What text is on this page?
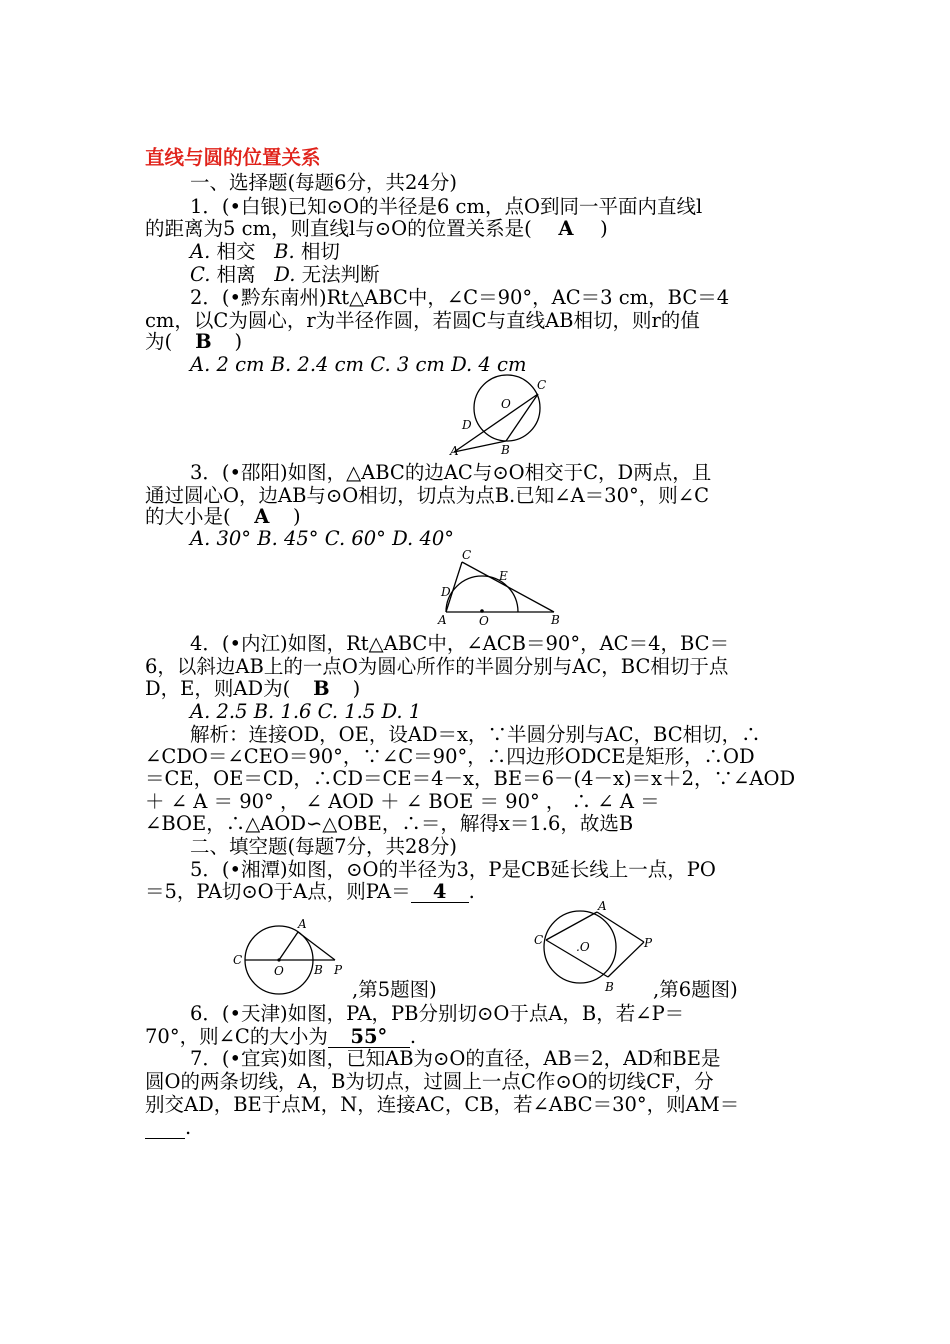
直线与圆的位置关系
一、选择题(每题6分，共24分)
1．(•白银)已知⊙O的半径是6 cm，点O到同一平面内直线l
的距离为5 cm，则直线l与⊙O的位置关系是( A )
A. 相交 B. 相切
C. 相离 D. 无法判断
2．(•黔东南州)Rt△ABC中，∠C＝90°，AC＝3 cm，BC＝4
cm，以C为圆心，r为半径作圆，若圆C与直线AB相切，则r的值
为( B )
A. 2 cm B. 2.4 cm C. 3 cm D. 4 cm
O
C
D
A	B
3．(•邵阳)如图，△ABC的边AC与⊙O相交于C，D两点，且
通过圆心O，边AB与⊙O相切，切点为点B.已知∠A＝30°，则∠C
的大小是( A )
A. 30° B. 45° C. 60° D. 40°
C
E
D
A	O	B
4．(•内江)如图，Rt△ABC中，∠ACB＝90°，AC＝4，BC＝
6，以斜边AB上的一点O为圆心所作的半圆分别与AC，BC相切于点
D，E，则AD为( B )
A. 2.5 B. 1.6 C. 1.5 D. 1
解析：连接OD，OE，设AD＝x，∵半圆分别与AC，BC相切，∴
∠CDO＝∠CEO＝90°，∵∠C＝90°，∴四边形ODCE是矩形，∴OD
＝CE，OE＝CD，∴CD＝CE＝4－x，BE＝6－(4－x)＝x＋2，∵∠AOD
＋ ∠ A ＝ 90° ， ∠ AOD ＋ ∠ BOE ＝ 90° ， ∴ ∠ A ＝
∠BOE，∴△AOD∽△OBE，∴＝，解得x＝1.6，故选B
二、填空题(每题7分，共28分)
5．(•湘潭)如图，⊙O的半径为3，P是CB延长线上一点，PO
＝5，PA切⊙O于A点，则PA＝ 4 .
A
C
O	B P
,第5题图)
A
C	.O	P
B ,第6题图)
6．(•天津)如图，PA，PB分别切⊙O于点A，B，若∠P＝
70°，则∠C的大小为 55° .
7．(•宜宾)如图，已知AB为⊙O的直径，AB＝2，AD和BE是
圆O的两条切线，A，B为切点，过圆上一点C作⊙O的切线CF，分
别交AD，BE于点M，N，连接AC，CB，若∠ABC＝30°，则AM＝
.
